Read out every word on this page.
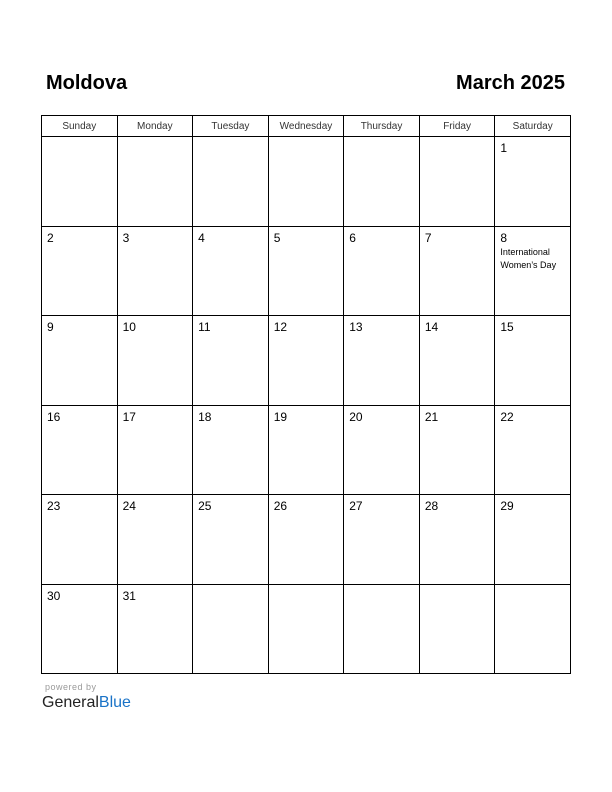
Moldova	March 2025
Sunday	Monday	Tuesday	Wednesday	Thursday	Friday	Saturday

						1

2	3	4	5	6	7	8
International Women’s Day

9	10	11	12	13	14	15

16	17	18	19	20	21	22

23	24	25	26	27	28	29

30	31					

powered by
GeneralBlue
